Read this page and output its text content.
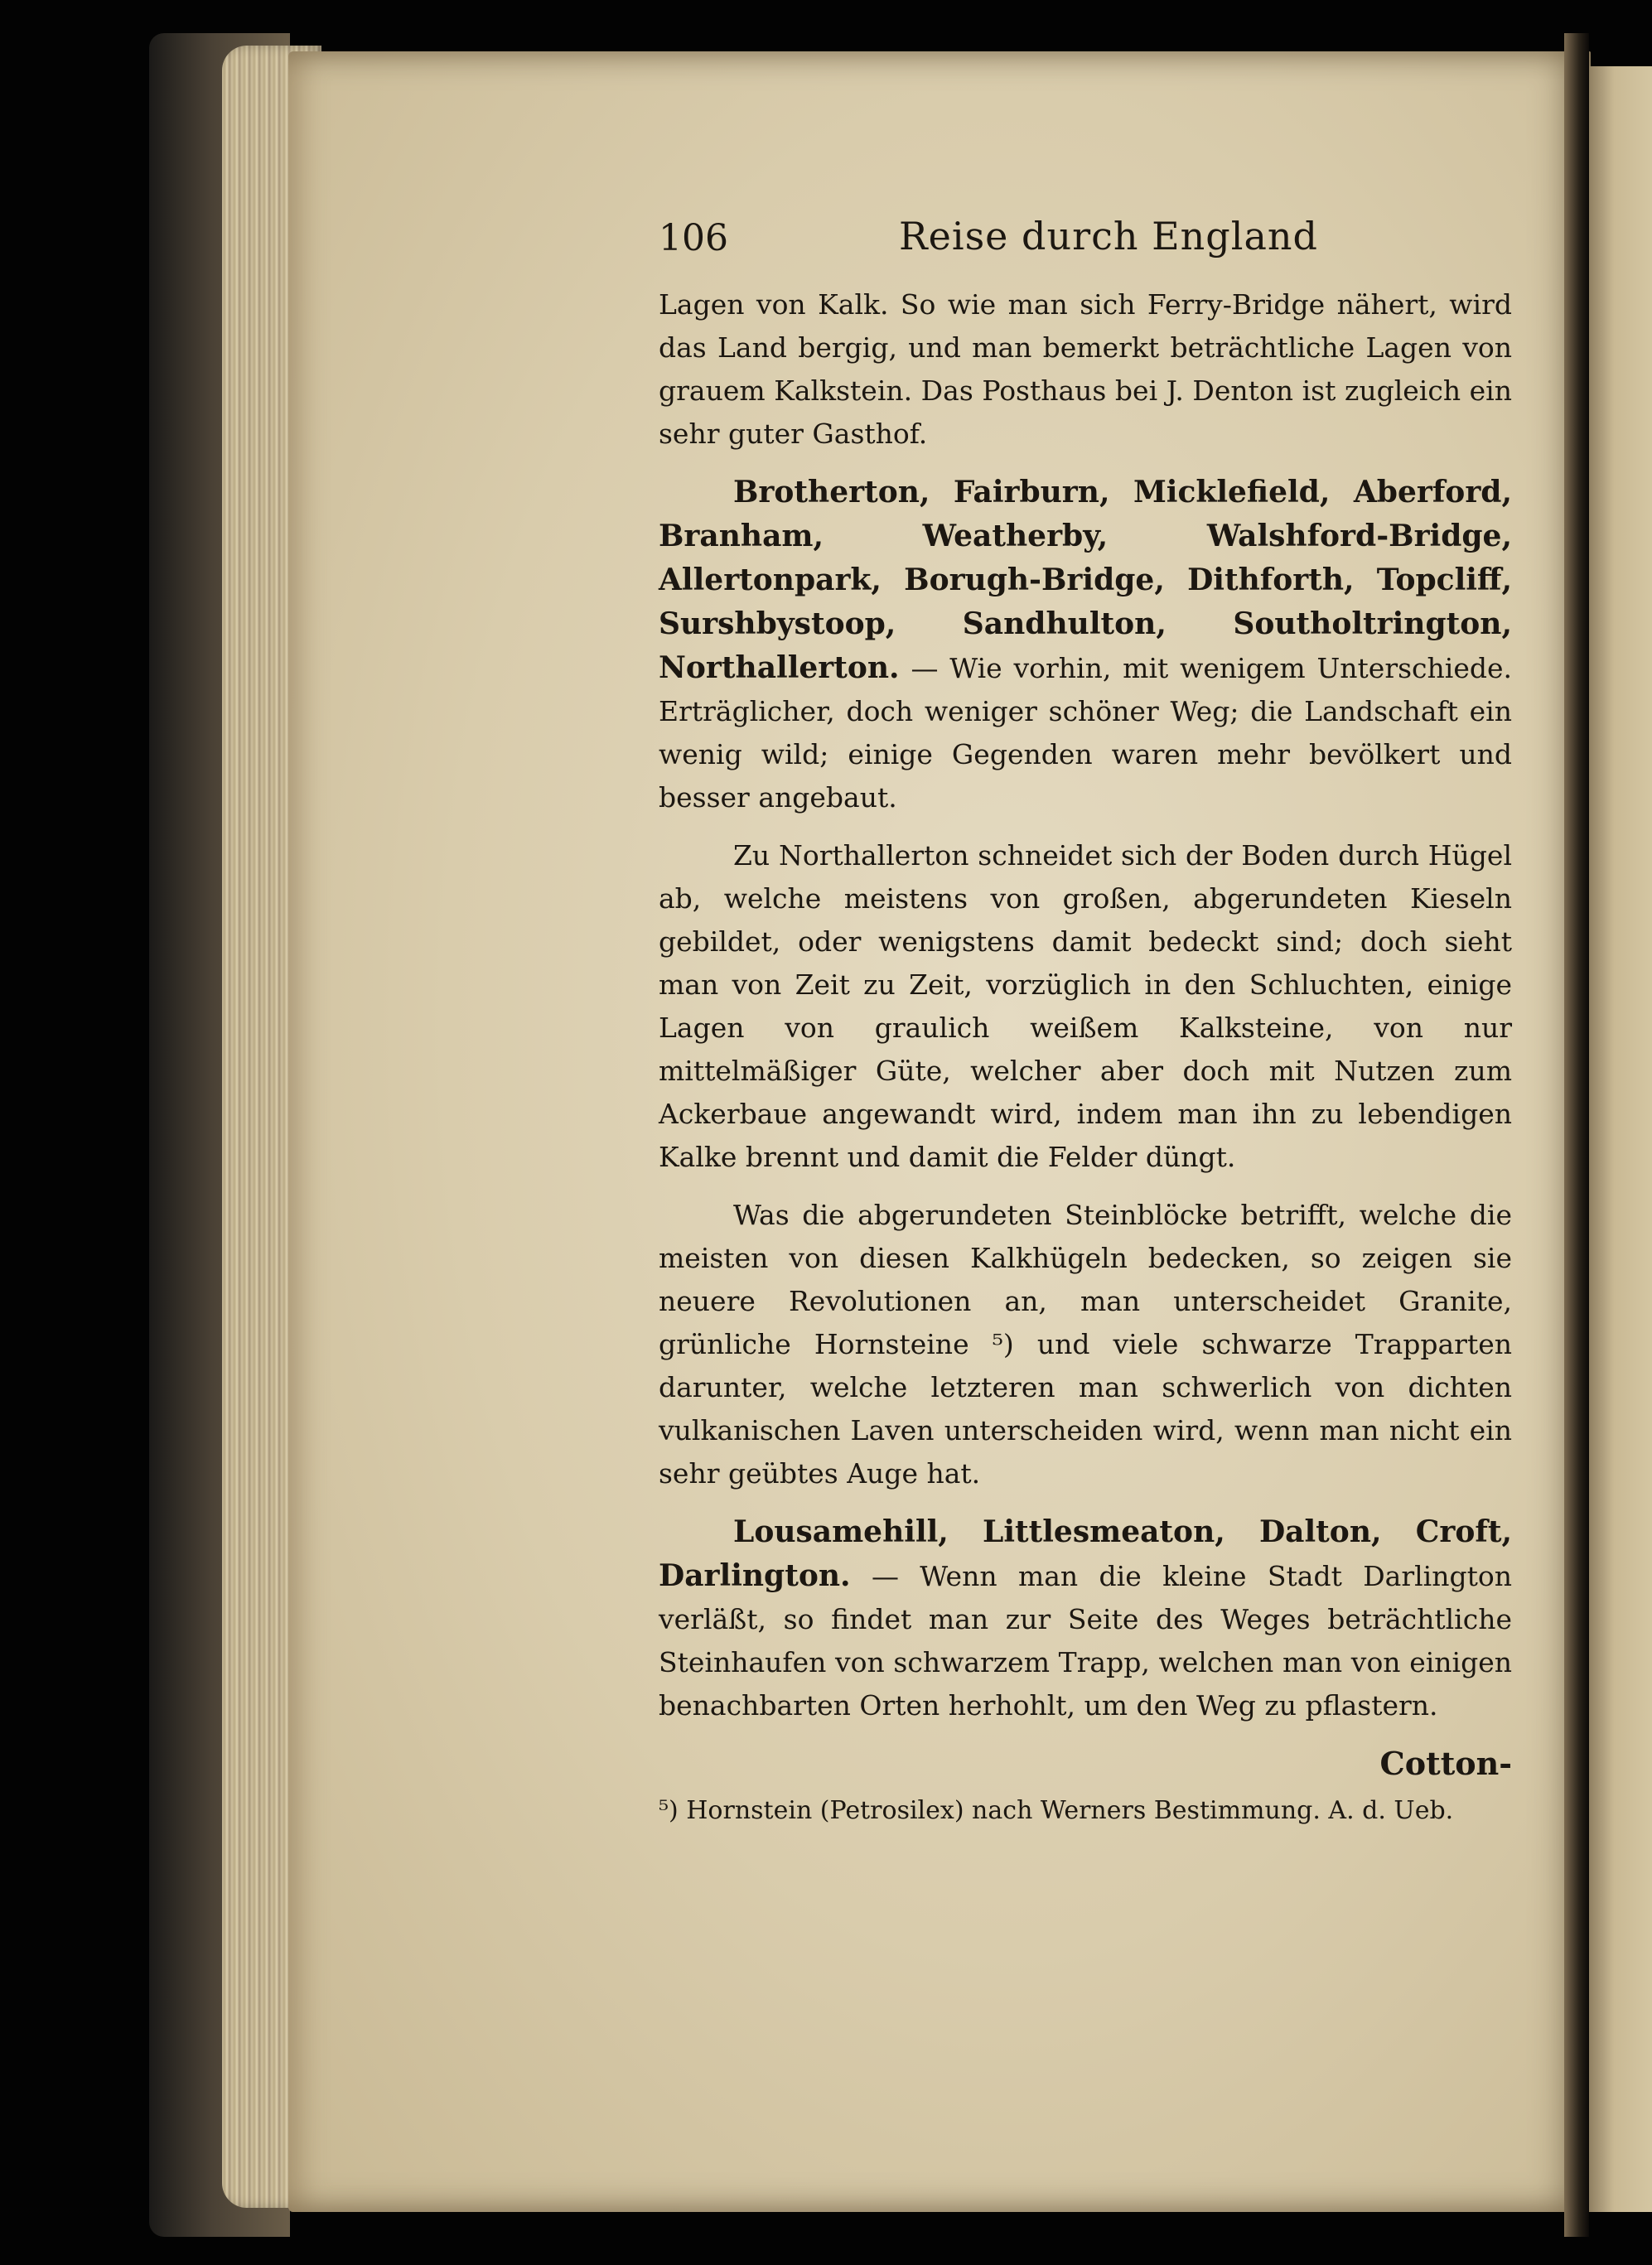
106	Reise durch England

Lagen von Kalk. So wie man sich Ferry-Bridge nähert, wird das Land bergig, und man bemerkt beträchtliche Lagen von grauem Kalkstein. Das Posthaus bei J. Denton ist zugleich ein sehr guter Gasthof.

Brotherton, Fairburn, Micklefield, Aberford, Branham, Weatherby, Walshford-Bridge, Allertonpark, Borugh-Bridge, Dithforth, Topcliff, Surshbystoop, Sandhulton, Southoltrington, Northallerton. — Wie vorhin, mit wenigem Unterschiede. Erträglicher, doch weniger schöner Weg; die Landschaft ein wenig wild; einige Gegenden waren mehr bevölkert und besser angebaut.

Zu Northallerton schneidet sich der Boden durch Hügel ab, welche meistens von großen, abgerundeten Kieseln gebildet, oder wenigstens damit bedeckt sind; doch sieht man von Zeit zu Zeit, vorzüglich in den Schluchten, einige Lagen von graulich weißem Kalksteine, von nur mittelmäßiger Güte, welcher aber doch mit Nutzen zum Ackerbaue angewandt wird, indem man ihn zu lebendigen Kalke brennt und damit die Felder düngt.

Was die abgerundeten Steinblöcke betrifft, welche die meisten von diesen Kalkhügeln bedecken, so zeigen sie neuere Revolutionen an, man unterscheidet Granite, grünliche Hornsteine ⁵) und viele schwarze Trapparten darunter, welche letzteren man schwerlich von dichten vulkanischen Laven unterscheiden wird, wenn man nicht ein sehr geübtes Auge hat.

Lousamehill, Littlesmeaton, Dalton, Croft, Darlington. — Wenn man die kleine Stadt Darlington verläßt, so findet man zur Seite des Weges beträchtliche Steinhaufen von schwarzem Trapp, welchen man von einigen benachbarten Orten herhohlt, um den Weg zu pflastern.

Cotton-

⁵) Hornstein (Petrosilex) nach Werners Bestimmung. A. d. Ueb.
